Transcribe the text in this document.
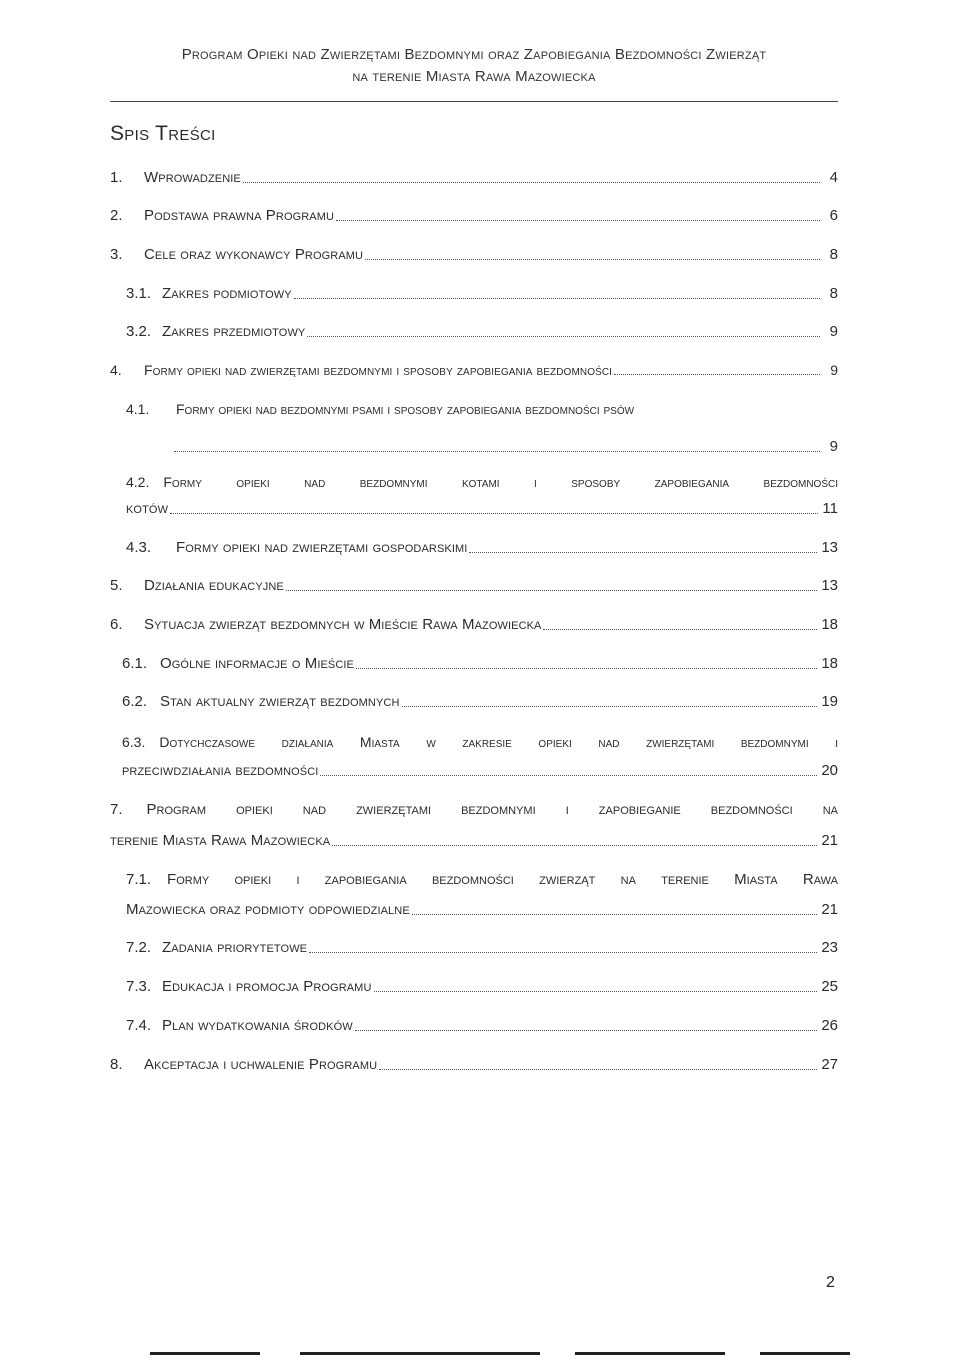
Program Opieki nad Zwierzętami Bezdomnymi oraz Zapobiegania Bezdomności Zwierząt
na terenie Miasta Rawa Mazowiecka
Spis Treści
1.	Wprowadzenie	4
2.	Podstawa prawna Programu	6
3.	Cele oraz wykonawcy Programu	8
3.1. Zakres podmiotowy	8
3.2. Zakres przedmiotowy	9
4.	Formy opieki nad zwierzętami bezdomnymi i sposoby zapobiegania bezdomności	9
4.1. Formy opieki nad bezdomnymi psami i sposoby zapobiegania bezdomności psów
9
4.2. Formy opieki nad bezdomnymi kotami i sposoby zapobiegania bezdomności
kotów	11
4.3.	Formy opieki nad zwierzętami gospodarskimi	13
5.	Działania edukacyjne	13
6.	Sytuacja zwierząt bezdomnych w Mieście Rawa Mazowiecka	18
6.1. Ogólne informacje o Mieście	18
6.2. Stan aktualny zwierząt bezdomnych	19
6.3. Dotychczasowe działania Miasta w zakresie opieki nad zwierzętami bezdomnymi i
przeciwdziałania bezdomności	20
7. Program opieki nad zwierzętami bezdomnymi i zapobieganie bezdomności na
terenie Miasta Rawa Mazowiecka	21
7.1. Formy opieki i zapobiegania bezdomności zwierząt na terenie Miasta Rawa
Mazowiecka oraz podmioty odpowiedzialne	21
7.2. Zadania priorytetowe	23
7.3. Edukacja i promocja Programu	25
7.4. Plan wydatkowania środków	26
8.	Akceptacja i uchwalenie Programu	27
2
